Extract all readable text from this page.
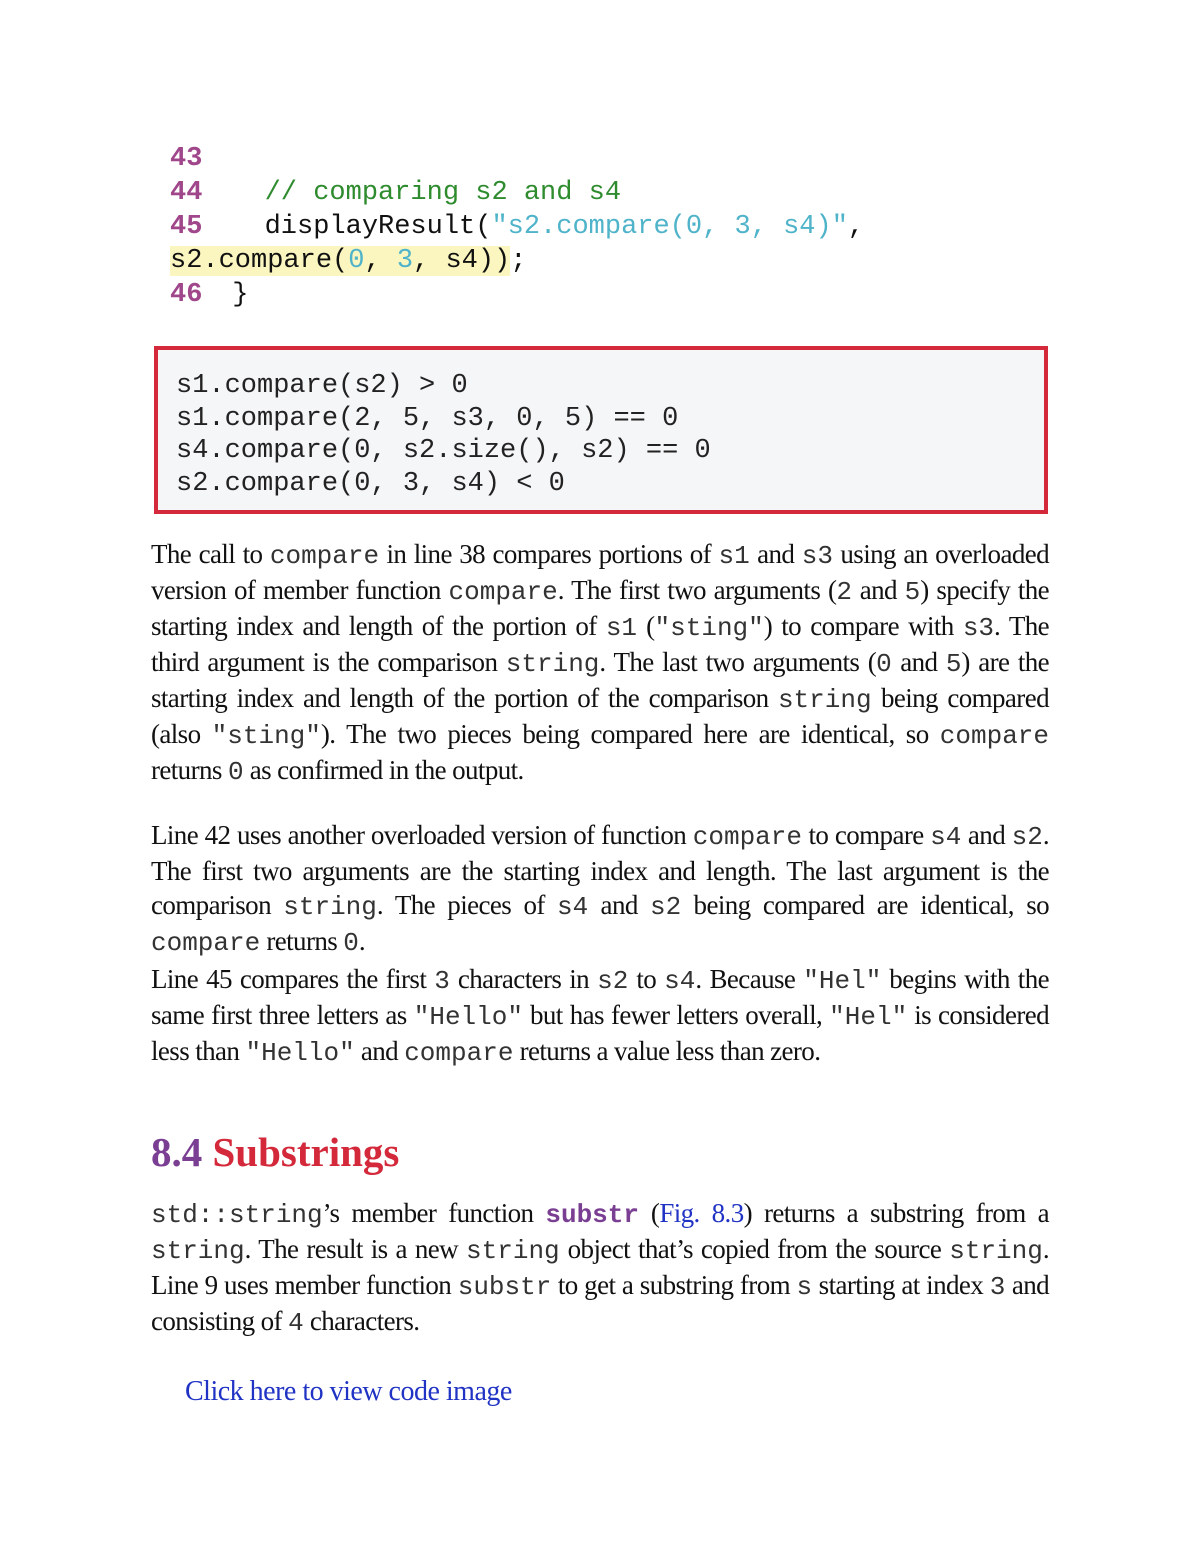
43
44 // comparing s2 and s4
45 displayResult("s2.compare(0, 3, s4)",
s2.compare(0, 3, s4));
46 }
s1.compare(s2) > 0
s1.compare(2, 5, s3, 0, 5) == 0
s4.compare(0, s2.size(), s2) == 0
s2.compare(0, 3, s4) < 0

The call to compare in line 38 compares portions of s1 and s3 using an overloaded version of member function compare. The first two arguments (2 and 5) specify the starting index and length of the portion of s1 ("sting") to compare with s3. The third argument is the comparison string. The last two arguments (0 and 5) are the starting index and length of the portion of the comparison string being compared (also "sting"). The two pieces being compared here are identical, so compare returns 0 as confirmed in the output.

Line 42 uses another overloaded version of function compare to compare s4 and s2. The first two arguments are the starting index and length. The last argument is the comparison string. The pieces of s4 and s2 being compared are identical, so compare returns 0.

Line 45 compares the first 3 characters in s2 to s4. Because "Hel" begins with the same first three letters as "Hello" but has fewer letters overall, "Hel" is considered less than "Hello" and compare returns a value less than zero.

8.4 Substrings

std::string’s member function substr (Fig. 8.3) returns a substring from a string. The result is a new string object that’s copied from the source string. Line 9 uses member function substr to get a substring from s starting at index 3 and consisting of 4 characters.

Click here to view code image
